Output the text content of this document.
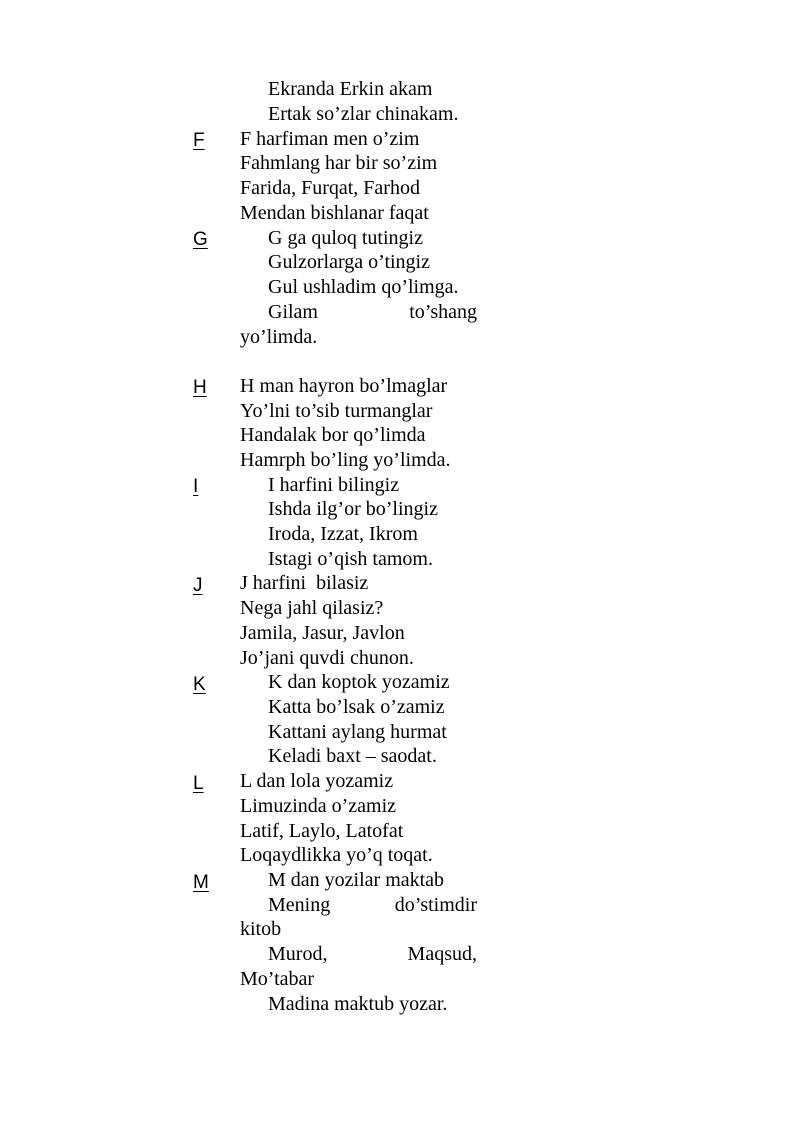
Ekranda Erkin akam
Ertak so’zlar chinakam.
F F harfiman men o’zim
Fahmlang har bir so’zim
Farida, Furqat, Farhod
Mendan bishlanar faqat
G	G ga quloq tutingiz
Gulzorlarga o’tingiz
Gul ushladim qo’limga.
Gilam	to’shang
yo’limda.
H H man hayron bo’lmaglar
Yo’lni to’sib turmanglar
Handalak bor qo’limda
Hamrph bo’ling yo’limda.
I	I harfini bilingiz
Ishda ilg’or bo’lingiz
Iroda, Izzat, Ikrom
Istagi o’qish tamom.
J J harfini  bilasiz
Nega jahl qilasiz?
Jamila, Jasur, Javlon
Jo’jani quvdi chunon.
K	K dan koptok yozamiz
Katta bo’lsak o’zamiz
Kattani aylang hurmat
Keladi baxt – saodat.
L L dan lola yozamiz
Limuzinda o’zamiz
Latif, Laylo, Latofat
Loqaydlikka yo’q toqat.
M	M dan yozilar maktab
Mening	do’stimdir
kitob
Murod,	Maqsud,
Mo’tabar
Madina maktub yozar.
